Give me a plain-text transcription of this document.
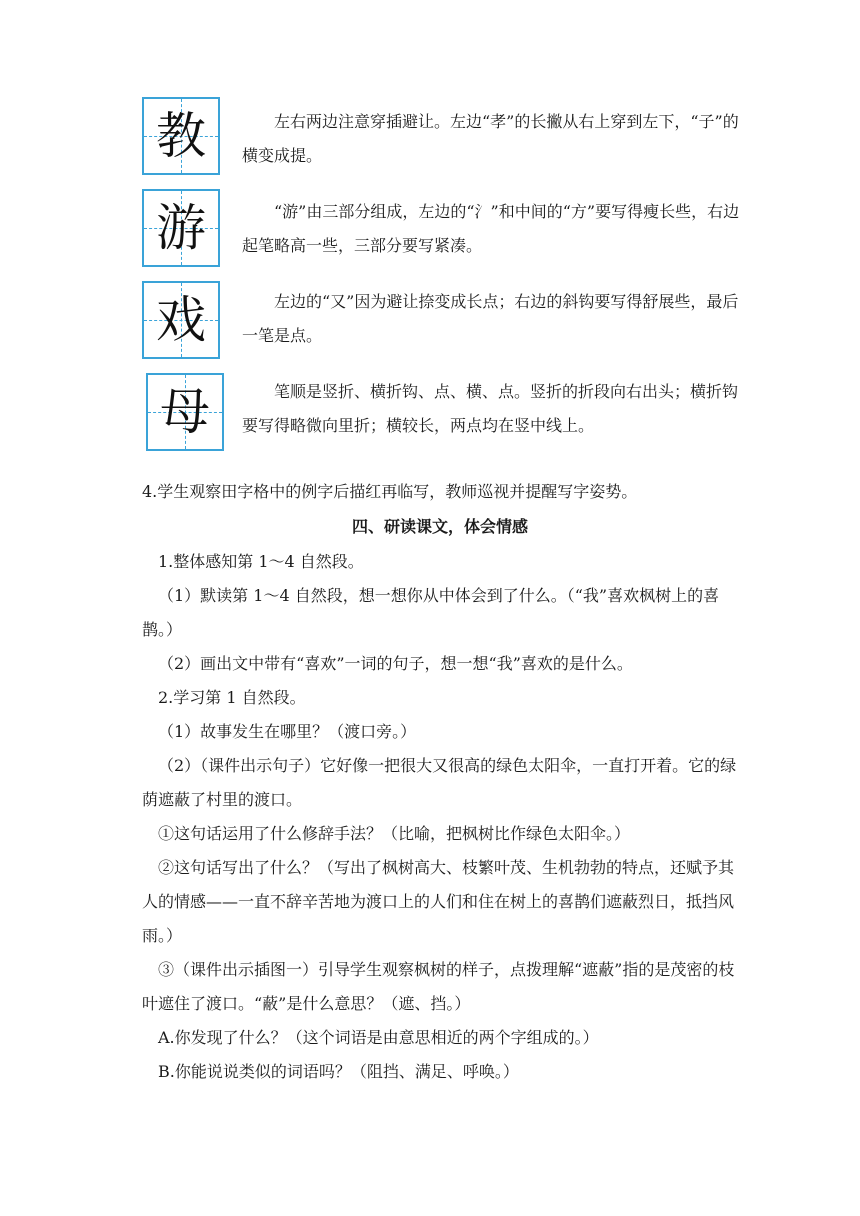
教	左右两边注意穿插避让。左边“孝”的长撇从右上穿到左下，“子”的横变成提。
游	“游”由三部分组成，左边的“氵”和中间的“方”要写得瘦长些，右边起笔略高一些，三部分要写紧凑。
戏	左边的“又”因为避让捺变成长点；右边的斜钩要写得舒展些，最后一笔是点。
母	笔顺是竖折、横折钩、点、横、点。竖折的折段向右出头；横折钩要写得略微向里折；横较长，两点均在竖中线上。
4.学生观察田字格中的例字后描红再临写，教师巡视并提醒写字姿势。
四、研读课文，体会情感
1.整体感知第 1～4 自然段。
（1）默读第 1～4 自然段，想一想你从中体会到了什么。（“我”喜欢枫树上的喜鹊。）
（2）画出文中带有“喜欢”一词的句子，想一想“我”喜欢的是什么。
2.学习第 1 自然段。
（1）故事发生在哪里？（渡口旁。）
（2）（课件出示句子）它好像一把很大又很高的绿色太阳伞，一直打开着。它的绿荫遮蔽了村里的渡口。
①这句话运用了什么修辞手法？（比喻，把枫树比作绿色太阳伞。）
②这句话写出了什么？（写出了枫树高大、枝繁叶茂、生机勃勃的特点，还赋予其人的情感——一直不辞辛苦地为渡口上的人们和住在树上的喜鹊们遮蔽烈日，抵挡风雨。）
③（课件出示插图一）引导学生观察枫树的样子，点拨理解“遮蔽”指的是茂密的枝叶遮住了渡口。“蔽”是什么意思？（遮、挡。）
A.你发现了什么？（这个词语是由意思相近的两个字组成的。）
B.你能说说类似的词语吗？（阻挡、满足、呼唤。）
